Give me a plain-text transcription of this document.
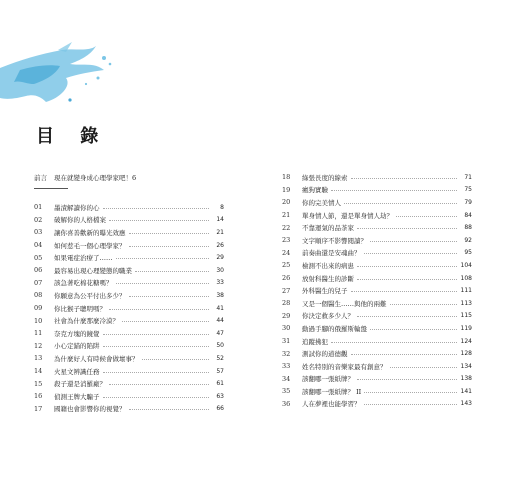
目 錄
前言	現在就變身成心理學家吧！ 6
01	墨漬解讀你的心	8
02	破解你的人格檔案	14
03	讓你喜善歡新的曝光效應	21
04	如何惹毛一個心理學家？	26
05	如果電症治療了……	29
06	最容易出現心理變態的職業	30
07	該急著吃棉花糖嗎？	33
08	你願意為公平付出多少？	38
09	你比猴子聰明嗎？	41
10	社會為什麼那麼冷漠？	44
11	奈克方塊的鏡覺	47
12	小心定錨的陷阱	50
13	為什麼好人有時候會做壞事？	52
14	火星文辨識任務	57
15	殺子還是消羅廠？	61
16	偵測王牌大騙子	63
17	國籍也會影響你的視覺？	66
18	綠張長度的線索	71
19	瘋狗實驗	75
20	你的完美情人	79
21	單身情人節，還是單身情人劫？	84
22	不靠運氣的品茶家	88
23	文字順序不影響閱讀？	92
24	前奏曲還是安魂曲？	95
25	檢測不出來的病患	104
26	放射科醫生的診斷	108
27	外科醫生的兒子	111
28	又是一個醫生……與他的兩難	113
29	你決定救多少人？	115
30	動過手腳的俄羅斯輪盤	119
31	追蹤拂犯	124
32	測試你的道德觀	128
33	姓名特別的音樂家最有創意？	134
34	該翻哪一張紙牌？	138
35	該翻哪一張紙牌？ II	141
36	人在夢裡也能學習？	143
